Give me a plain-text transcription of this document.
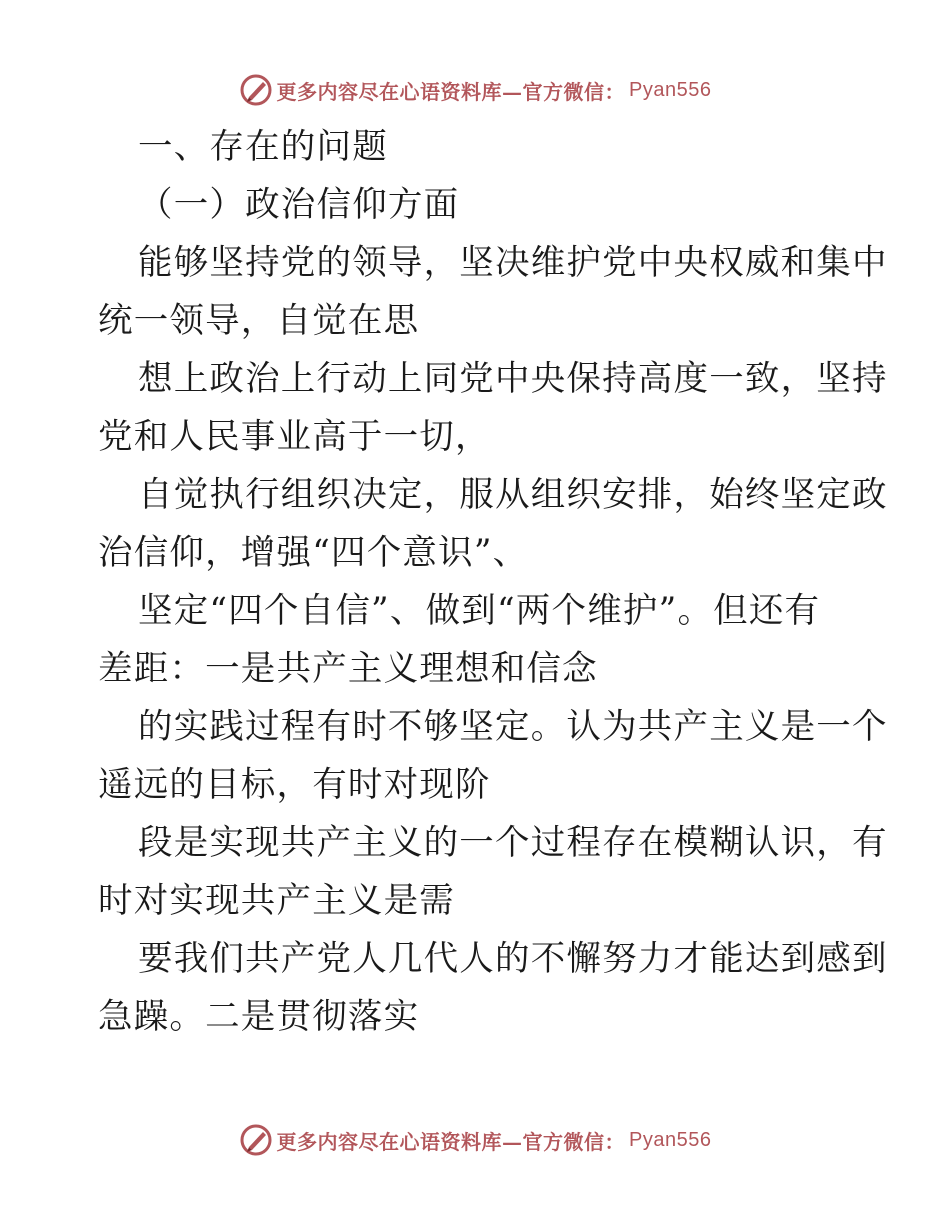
更多内容尽在心语资料库—官方微信： Pyan556
一、存在的问题
（一）政治信仰方面
能够坚持党的领导，坚决维护党中央权威和集中
统一领导，自觉在思
想上政治上行动上同党中央保持高度一致，坚持
党和人民事业高于一切，
自觉执行组织决定，服从组织安排，始终坚定政
治信仰，增强“四个意识”、
坚定“四个自信”、做到“两个维护”。但还有
差距：一是共产主义理想和信念
的实践过程有时不够坚定。认为共产主义是一个
遥远的目标，有时对现阶
段是实现共产主义的一个过程存在模糊认识，有
时对实现共产主义是需
要我们共产党人几代人的不懈努力才能达到感到
急躁。二是贯彻落实
更多内容尽在心语资料库—官方微信： Pyan556
